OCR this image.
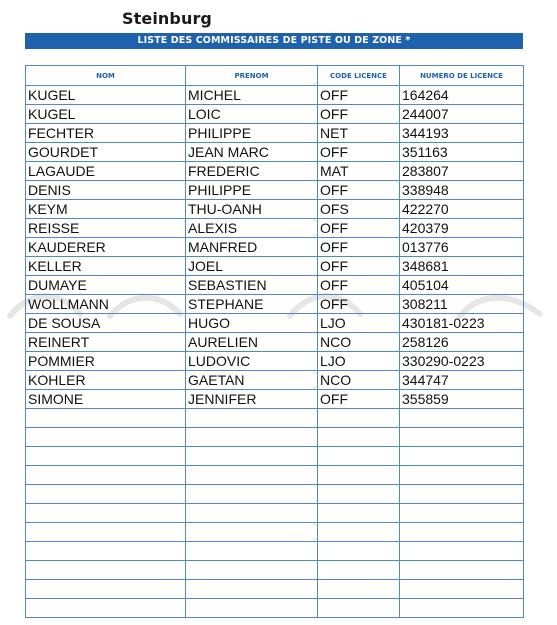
Steinburg
LISTE DES COMMISSAIRES DE PISTE OU DE ZONE *
NOM	PRENOM	CODE LICENCE	NUMERO DE LICENCE
KUGEL	MICHEL	OFF	164264
KUGEL	LOIC	OFF	244007
FECHTER	PHILIPPE	NET	344193
GOURDET	JEAN MARC	OFF	351163
LAGAUDE	FREDERIC	MAT	283807
DENIS	PHILIPPE	OFF	338948
KEYM	THU-OANH	OFS	422270
REISSE	ALEXIS	OFF	420379
KAUDERER	MANFRED	OFF	013776
KELLER	JOEL	OFF	348681
DUMAYE	SEBASTIEN	OFF	405104
WOLLMANN	STEPHANE	OFF	308211
DE SOUSA	HUGO	LJO	430181-0223
REINERT	AURELIEN	NCO	258126
POMMIER	LUDOVIC	LJO	330290-0223
KOHLER	GAETAN	NCO	344747
SIMONE	JENNIFER	OFF	355859
